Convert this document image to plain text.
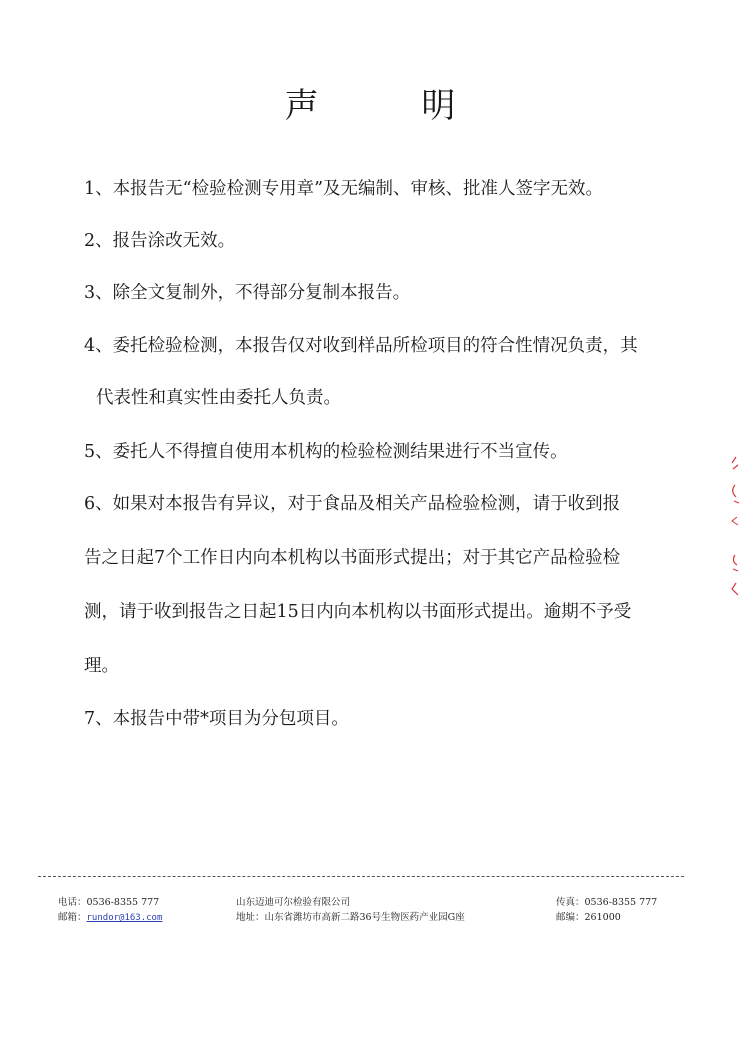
声 明
1、本报告无“检验检测专用章”及无编制、审核、批准人签字无效。
2、报告涂改无效。
3、除全文复制外，不得部分复制本报告。
4、委托检验检测，本报告仅对收到样品所检项目的符合性情况负责，其
代表性和真实性由委托人负责。
5、委托人不得擅自使用本机构的检验检测结果进行不当宣传。
6、如果对本报告有异议，对于食品及相关产品检验检测，请于收到报
告之日起7个工作日内向本机构以书面形式提出；对于其它产品检验检
测，请于收到报告之日起15日内向本机构以书面形式提出。逾期不予受
理。
7、本报告中带*项目为分包项目。
电话：0536-8355 777
邮箱：rundor@163.com
山东迈迪可尔检验有限公司
地址：山东省潍坊市高新二路36号生物医药产业园G座
传真：0536-8355 777
邮编：261000
